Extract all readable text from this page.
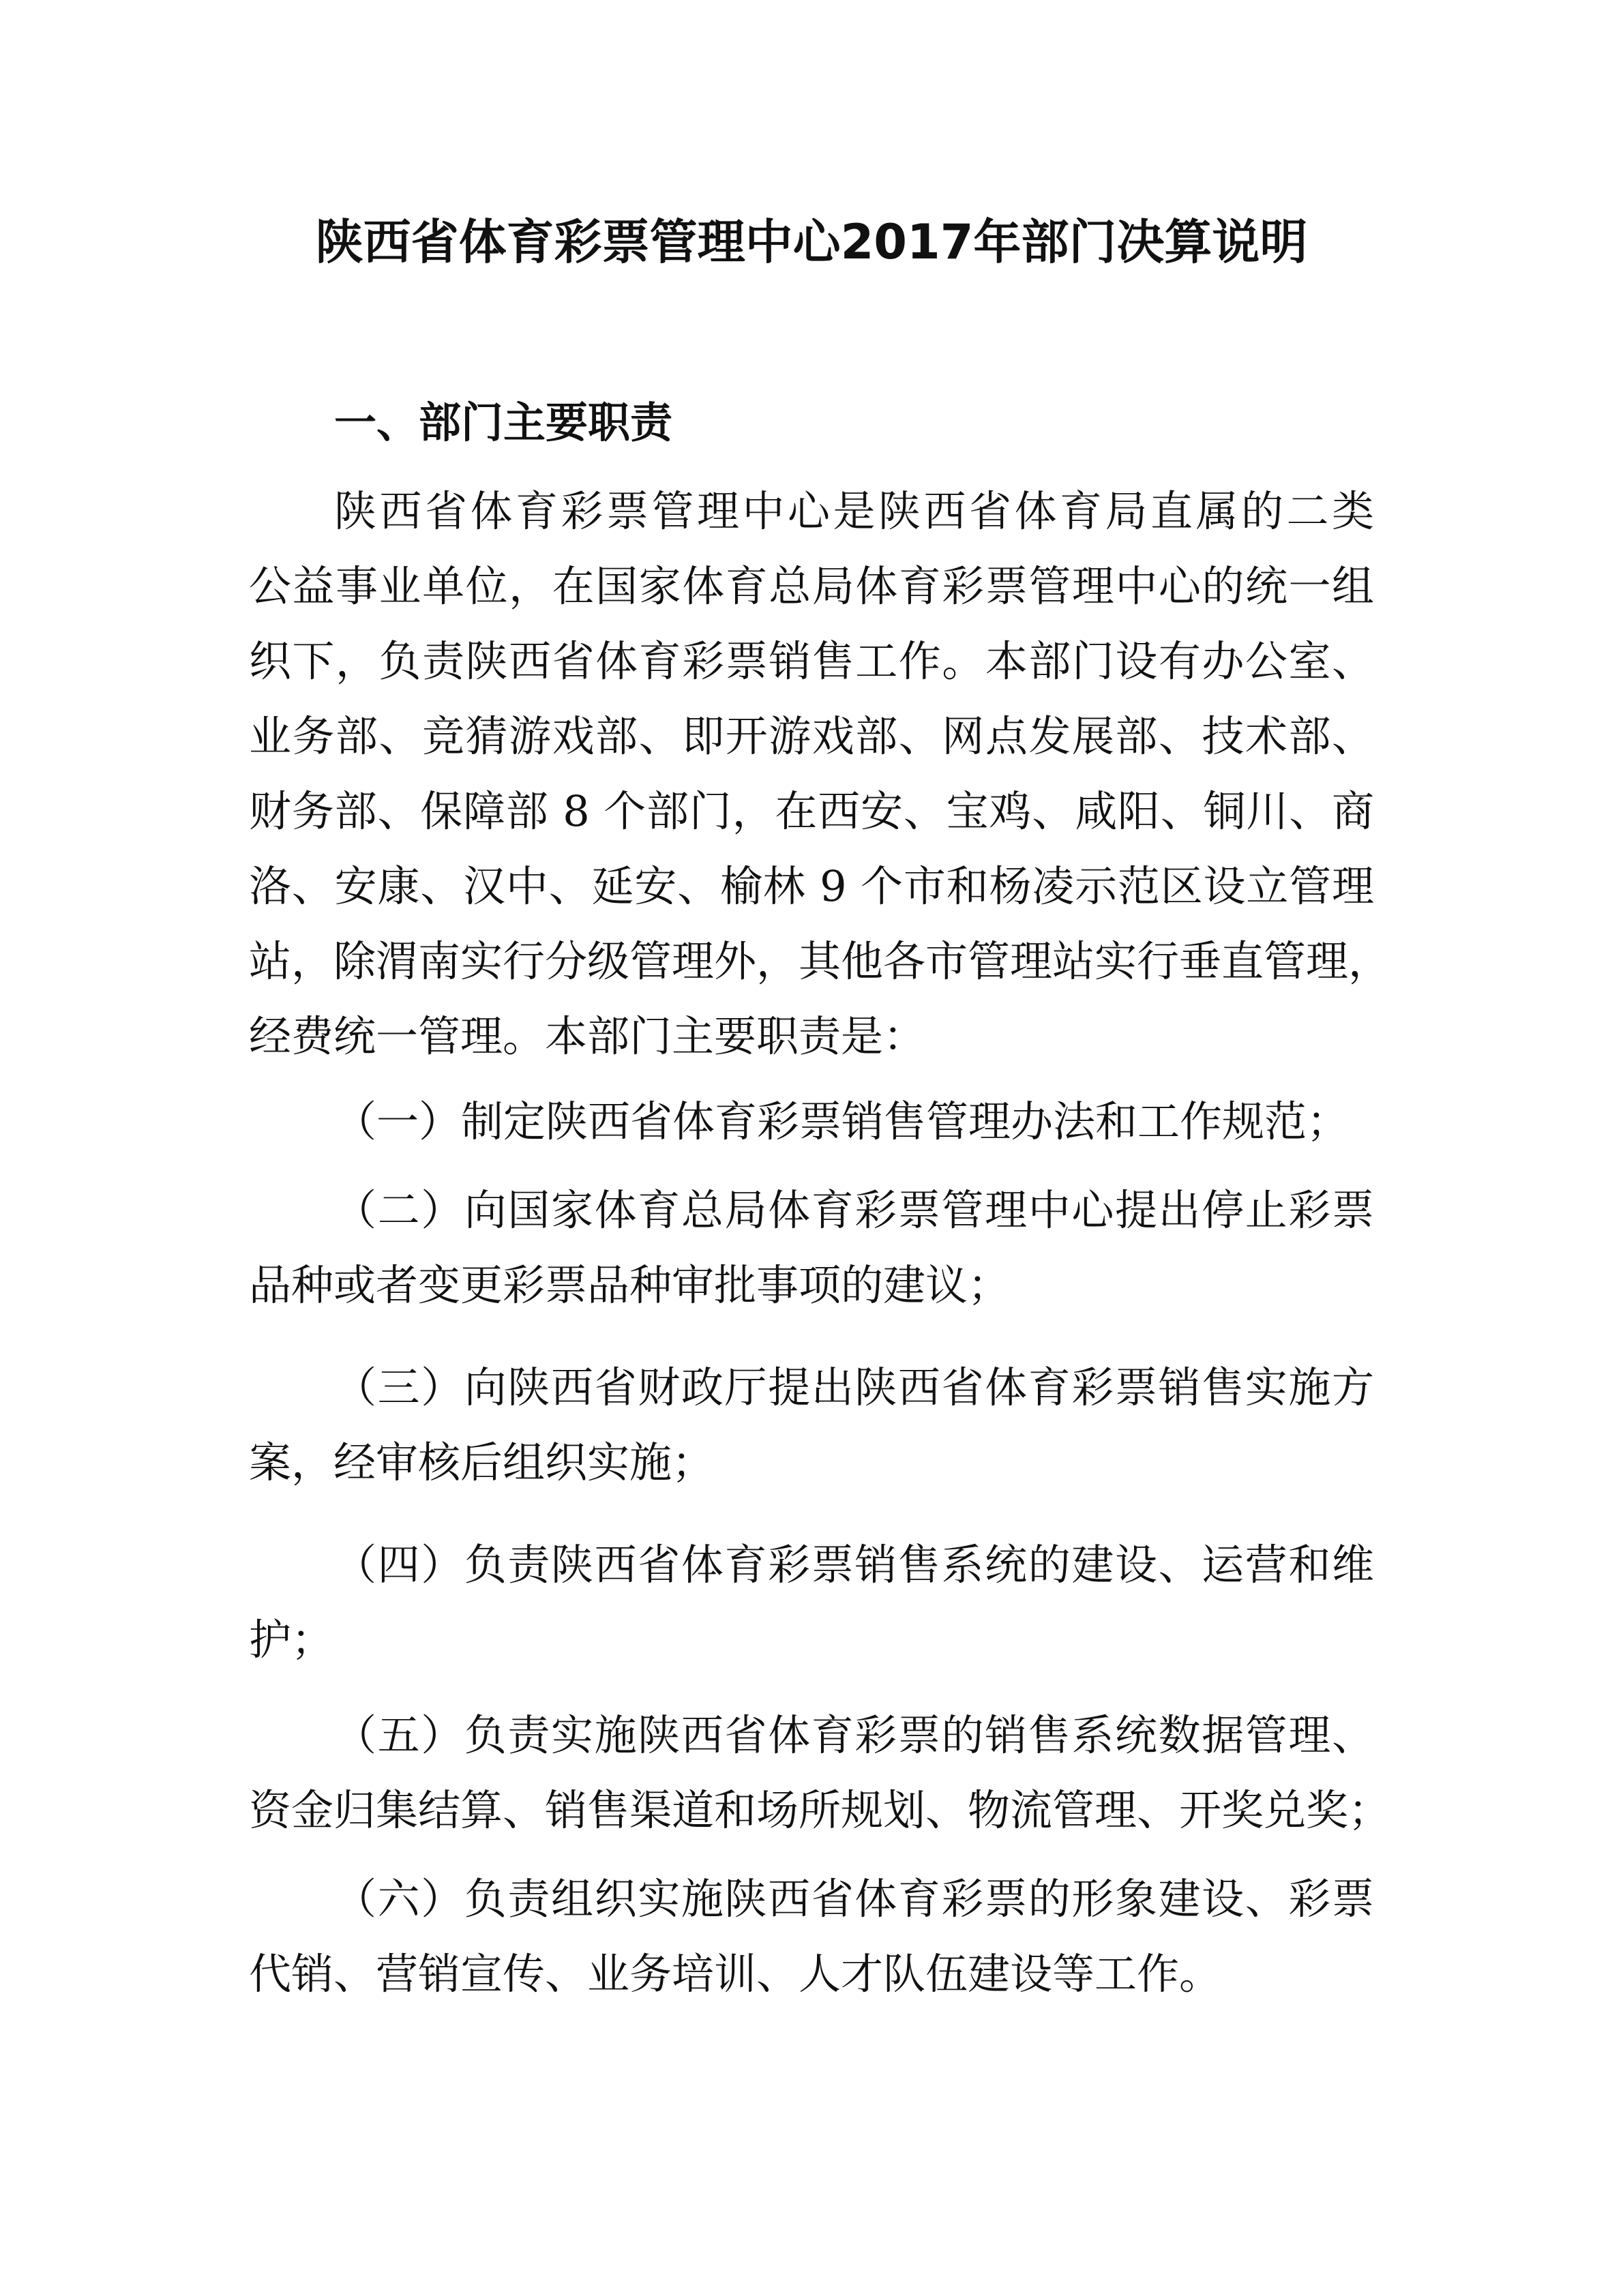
陕西省体育彩票管理中心2017年部门决算说明
一、部门主要职责
陕西省体育彩票管理中心是陕西省体育局直属的二类
公益事业单位，在国家体育总局体育彩票管理中心的统一组
织下，负责陕西省体育彩票销售工作。本部门设有办公室、
业务部、竞猜游戏部、即开游戏部、网点发展部、技术部、
财务部、保障部 8 个部门，在西安、宝鸡、咸阳、铜川、商
洛、安康、汉中、延安、榆林 9 个市和杨凌示范区设立管理
站，除渭南实行分级管理外，其他各市管理站实行垂直管理，
经费统一管理。本部门主要职责是：
（一）制定陕西省体育彩票销售管理办法和工作规范；
（二）向国家体育总局体育彩票管理中心提出停止彩票
品种或者变更彩票品种审批事项的建议；
（三）向陕西省财政厅提出陕西省体育彩票销售实施方
案，经审核后组织实施；
（四）负责陕西省体育彩票销售系统的建设、运营和维
护；
（五）负责实施陕西省体育彩票的销售系统数据管理、
资金归集结算、销售渠道和场所规划、物流管理、开奖兑奖；
（六）负责组织实施陕西省体育彩票的形象建设、彩票
代销、营销宣传、业务培训、人才队伍建设等工作。
